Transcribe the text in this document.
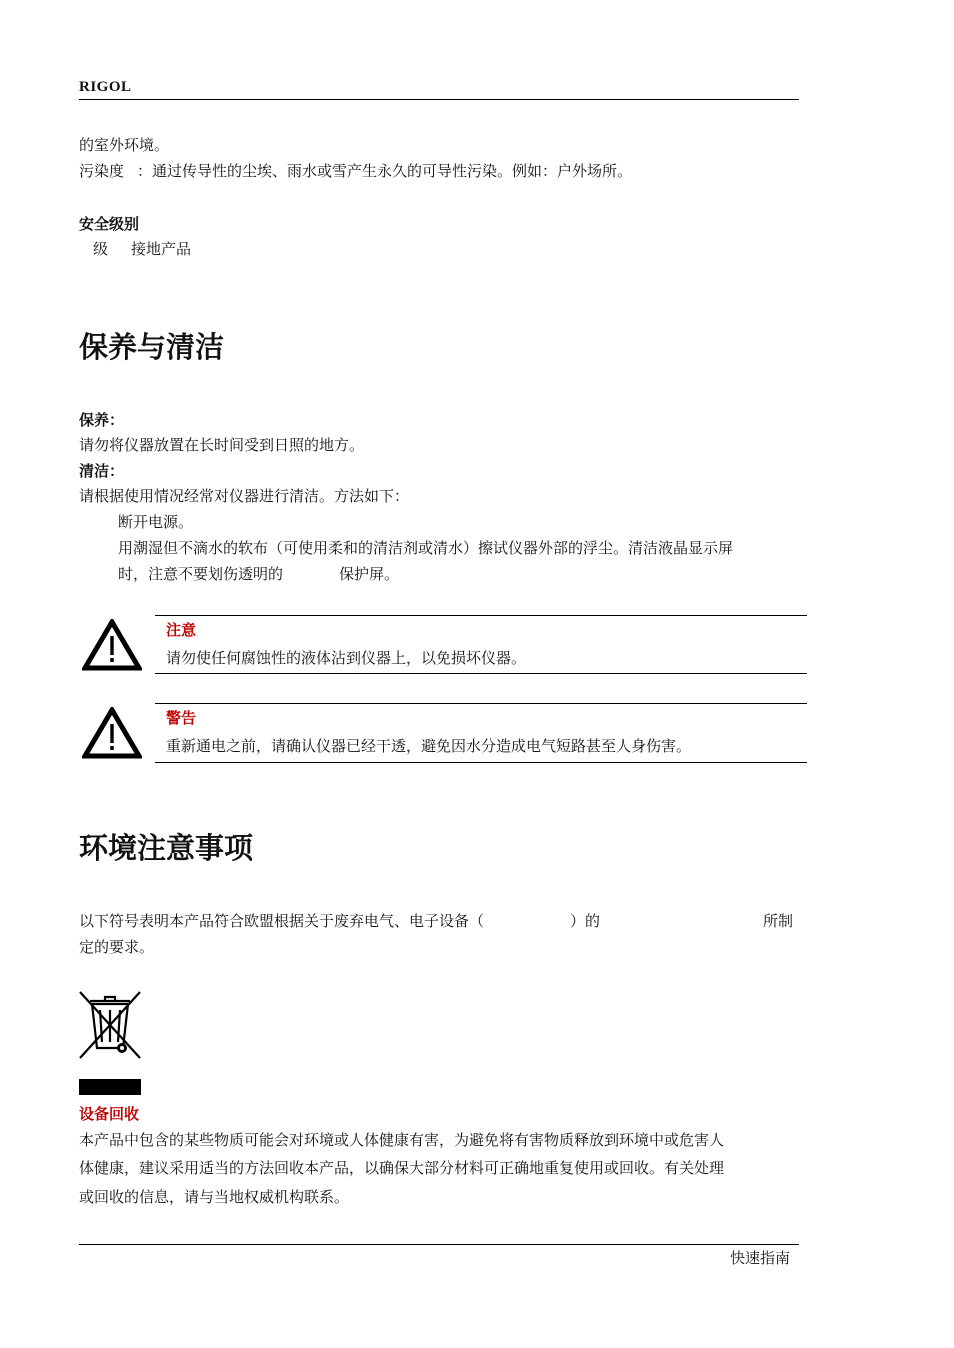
RIGOL
的室外环境。
污染度 ：通过传导性的尘埃、雨水或雪产生永久的可导性污染。例如：户外场所。
安全级别
级 接地产品
保养与清洁
保养：
请勿将仪器放置在长时间受到日照的地方。
清洁：
请根据使用情况经常对仪器进行清洁。方法如下：
断开电源。
用潮湿但不滴水的软布（可使用柔和的清洁剂或清水）擦试仪器外部的浮尘。清洁液晶显示屏
时，注意不要划伤透明的	保护屏。
注意
请勿使任何腐蚀性的液体沾到仪器上，以免损坏仪器。
警告
重新通电之前，请确认仪器已经干透，避免因水分造成电气短路甚至人身伤害。
环境注意事项
以下符号表明本产品符合欧盟根据关于废弃电气、电子设备（	）的	所制
定的要求。
设备回收
本产品中包含的某些物质可能会对环境或人体健康有害，为避免将有害物质释放到环境中或危害人
体健康，建议采用适当的方法回收本产品，以确保大部分材料可正确地重复使用或回收。有关处理
或回收的信息，请与当地权威机构联系。
快速指南
